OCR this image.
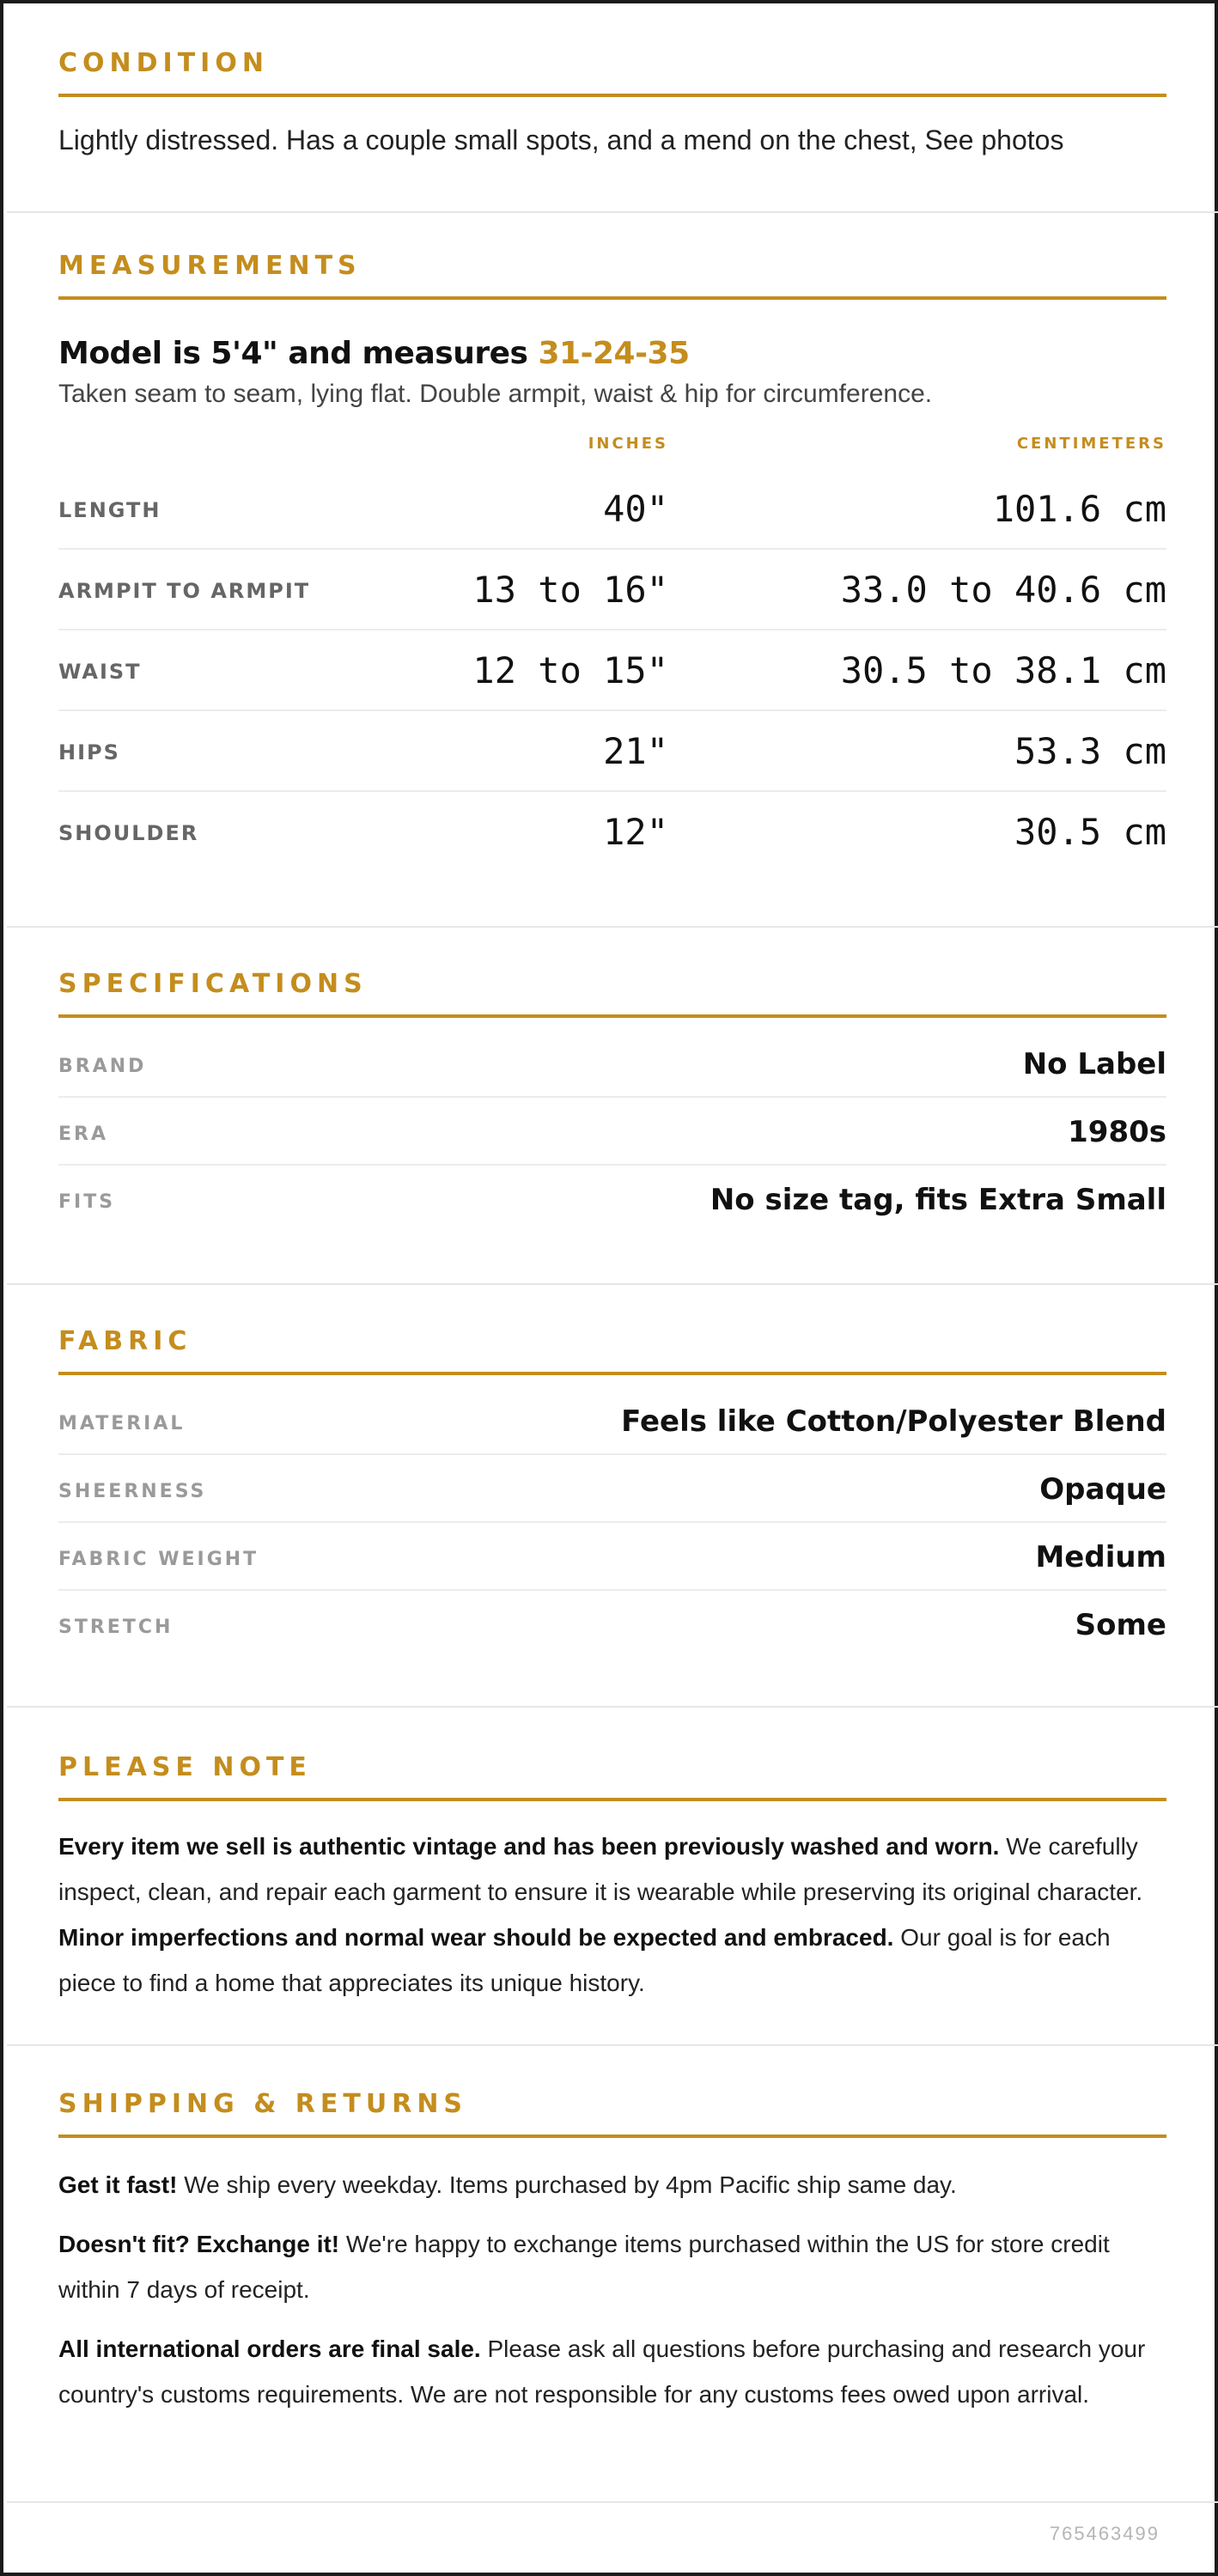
CONDITION
Lightly distressed. Has a couple small spots, and a mend on the chest, See photos
MEASUREMENTS
Model is 5'4" and measures 31-24-35
Taken seam to seam, lying flat. Double armpit, waist & hip for circumference.
INCHES	CENTIMETERS
LENGTH	40"	101.6 cm
ARMPIT TO ARMPIT	13 to 16"	33.0 to 40.6 cm
WAIST	12 to 15"	30.5 to 38.1 cm
HIPS	21"	53.3 cm
SHOULDER	12"	30.5 cm
SPECIFICATIONS
BRAND	No Label
ERA	1980s
FITS	No size tag, fits Extra Small
FABRIC
MATERIAL	Feels like Cotton/Polyester Blend
SHEERNESS	Opaque
FABRIC WEIGHT	Medium
STRETCH	Some
PLEASE NOTE

Every item we sell is authentic vintage and has been previously washed and worn. We carefully inspect, clean, and repair each garment to ensure it is wearable while preserving its original character. Minor imperfections and normal wear should be expected and embraced. Our goal is for each piece to find a home that appreciates its unique history.

SHIPPING & RETURNS

Get it fast! We ship every weekday. Items purchased by 4pm Pacific ship same day.

Doesn't fit? Exchange it! We're happy to exchange items purchased within the US for store credit within 7 days of receipt.

All international orders are final sale. Please ask all questions before purchasing and research your country's customs requirements. We are not responsible for any customs fees owed upon arrival.

765463499
